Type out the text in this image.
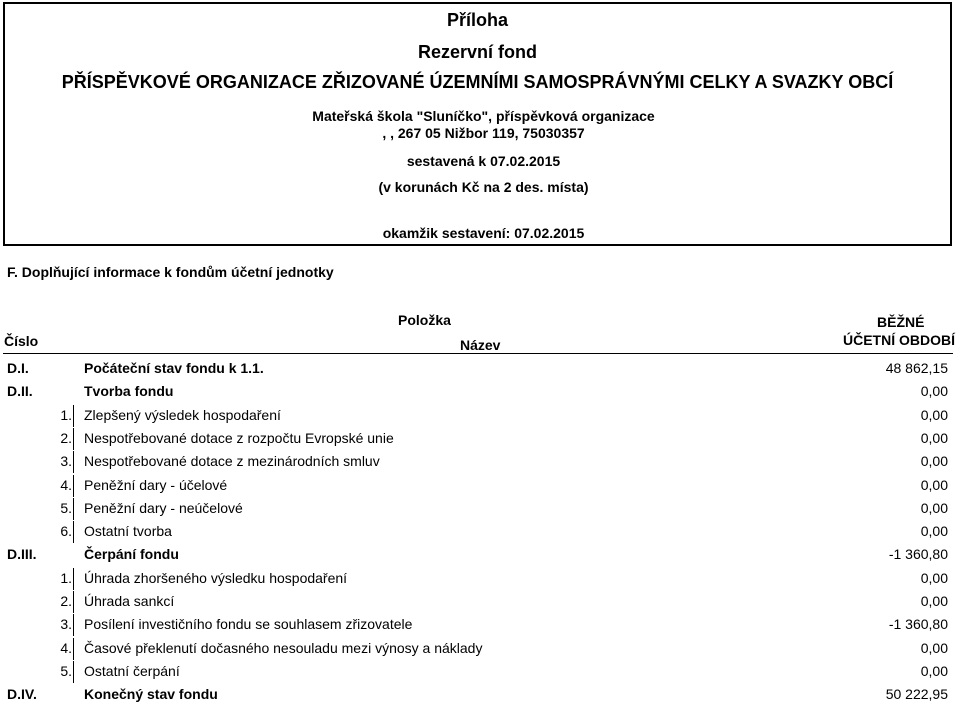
Příloha
Rezervní fond
PŘÍSPĚVKOVÉ ORGANIZACE ZŘIZOVANÉ ÚZEMNÍMI SAMOSPRÁVNÝMI CELKY A SVAZKY OBCÍ
Mateřská škola "Sluníčko", příspěvková organizace
, , 267 05 Nižbor 119, 75030357
sestavená k 07.02.2015
(v korunách Kč na 2 des. místa)
okamžik sestavení: 07.02.2015
F. Doplňující informace k fondům účetní jednotky
Položka
Číslo	Název
BĚŽNÉ
ÚČETNÍ OBDOBÍ
D.I.	Počáteční stav fondu k 1.1.	48 862,15
D.II.	Tvorba fondu	0,00
1. Zlepšený výsledek hospodaření	0,00
2. Nespotřebované dotace z rozpočtu Evropské unie	0,00
3. Nespotřebované dotace z mezinárodních smluv	0,00
4. Peněžní dary - účelové	0,00
5. Peněžní dary - neúčelové	0,00
6. Ostatní tvorba	0,00
D.III.	Čerpání fondu	-1 360,80
1. Úhrada zhoršeného výsledku hospodaření	0,00
2. Úhrada sankcí	0,00
3. Posílení investičního fondu se souhlasem zřizovatele	-1 360,80
4. Časové překlenutí dočasného nesouladu mezi výnosy a náklady	0,00
5. Ostatní čerpání	0,00
D.IV.	Konečný stav fondu	50 222,95
